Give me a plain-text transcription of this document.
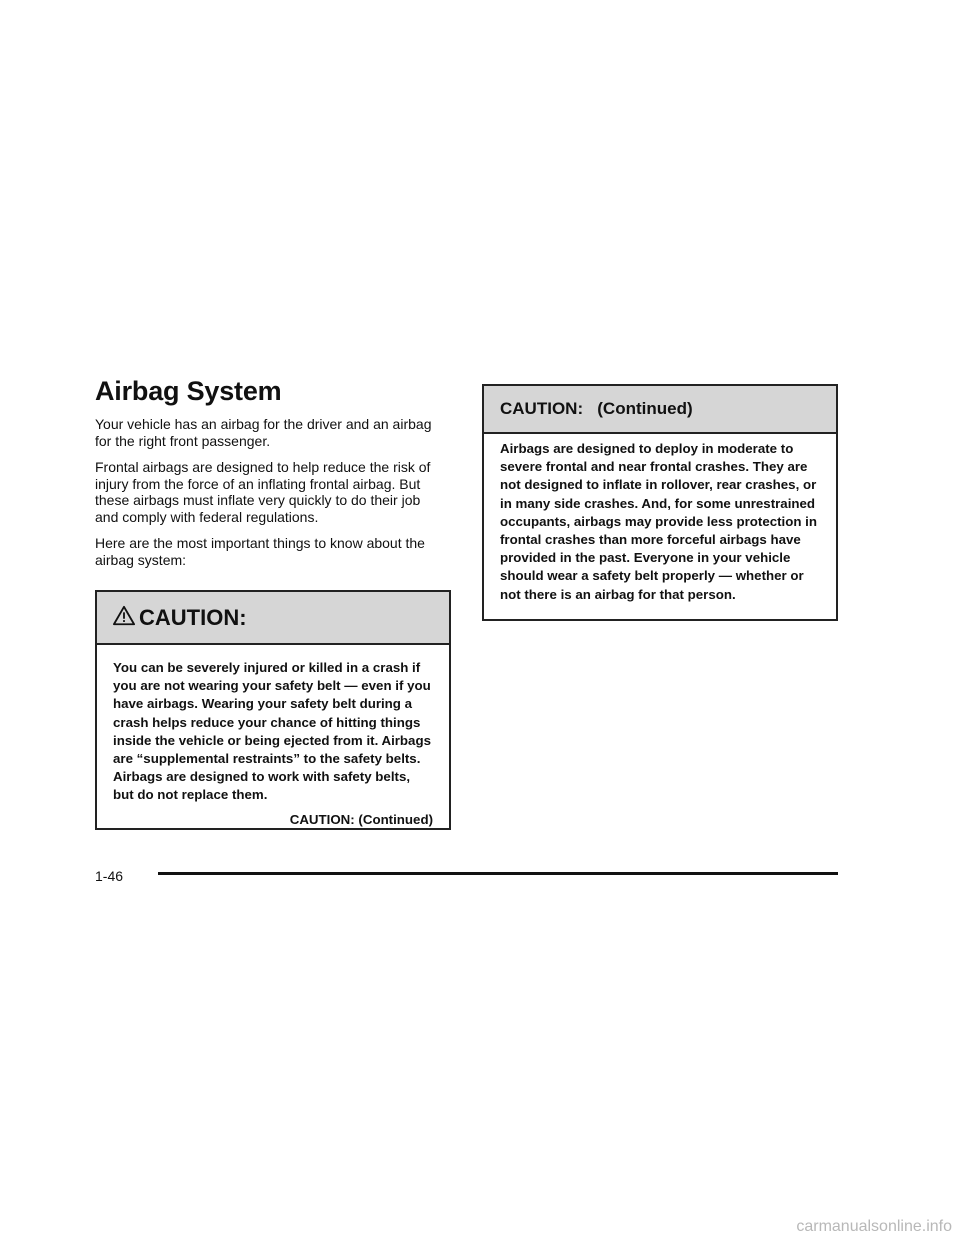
Airbag System

Your vehicle has an airbag for the driver and an airbag for the right front passenger.

Frontal airbags are designed to help reduce the risk of injury from the force of an inflating frontal airbag. But these airbags must inflate very quickly to do their job and comply with federal regulations.

Here are the most important things to know about the airbag system:

CAUTION:
You can be severely injured or killed in a crash if you are not wearing your safety belt — even if you have airbags. Wearing your safety belt during a crash helps reduce your chance of hitting things inside the vehicle or being ejected from it. Airbags are “supplemental restraints” to the safety belts. Airbags are designed to work with safety belts, but do not replace them.
CAUTION: (Continued)
CAUTION:   (Continued)
Airbags are designed to deploy in moderate to severe frontal and near frontal crashes. They are not designed to inflate in rollover, rear crashes, or in many side crashes. And, for some unrestrained occupants, airbags may provide less protection in frontal crashes than more forceful airbags have provided in the past. Everyone in your vehicle should wear a safety belt properly — whether or not there is an airbag for that person.
1-46
carmanualsonline.info
